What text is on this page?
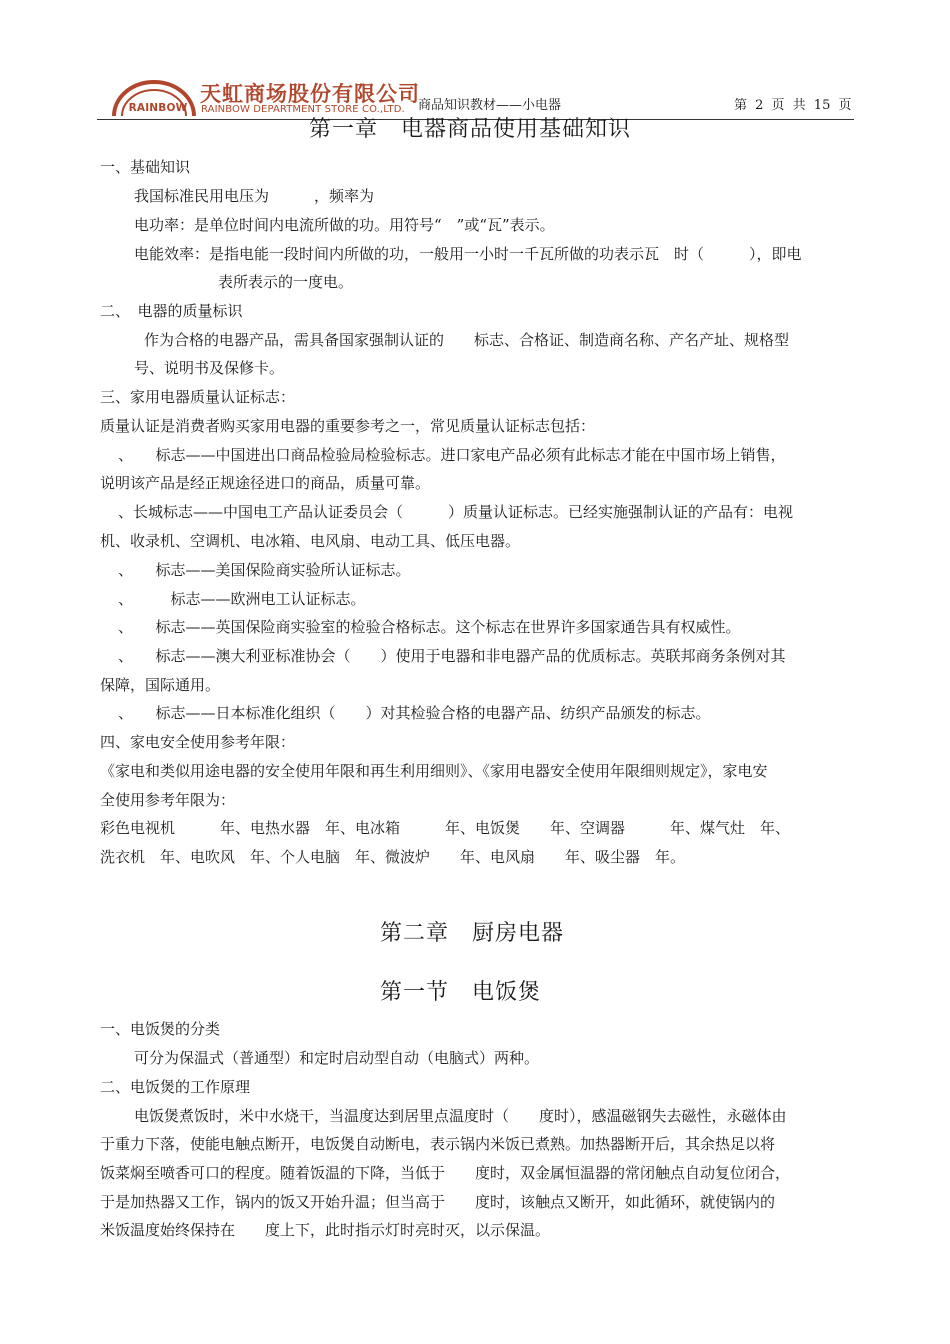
RAINBOW
天虹商场股份有限公司
RAINBOW DEPARTMENT STORE CO.,LTD. 商品知识教材——小电器	第 2 页 共 15 页
第一章　电器商品使用基础知识
一、基础知识
我国标准民用电压为　　　，频率为
电功率：是单位时间内电流所做的功。用符号“　”或“瓦”表示。
电能效率：是指电能一段时间内所做的功，一般用一小时一千瓦所做的功表示瓦　时（　　　），即电
表所表示的一度电。
二、　电器的质量标识
作为合格的电器产品，需具备国家强制认证的　　标志、合格证、制造商名称、产名产址、规格型
号、说明书及保修卡。
三、家用电器质量认证标志：
质量认证是消费者购买家用电器的重要参考之一，常见质量认证标志包括：
、　　标志——中国进出口商品检验局检验标志。进口家电产品必须有此标志才能在中国市场上销售，
说明该产品是经正规途径进口的商品，质量可靠。
、长城标志——中国电工产品认证委员会（　　　）质量认证标志。已经实施强制认证的产品有：电视
机、收录机、空调机、电冰箱、电风扇、电动工具、低压电器。
、　　标志——美国保险商实验所认证标志。
、　　　标志——欧洲电工认证标志。
、　　标志——英国保险商实验室的检验合格标志。这个标志在世界许多国家通告具有权威性。
、　　标志——澳大利亚标准协会（　　）使用于电器和非电器产品的优质标志。英联邦商务条例对其
保障，国际通用。
、　　标志——日本标准化组织（　　）对其检验合格的电器产品、纺织产品颁发的标志。
四、家电安全使用参考年限：
《家电和类似用途电器的安全使用年限和再生利用细则》、《家用电器安全使用年限细则规定》，家电安
全使用参考年限为：
彩色电视机　　　年、电热水器　年、电冰箱　　　年、电饭煲　　年、空调器　　　年、煤气灶　年、
洗衣机　年、电吹风　年、个人电脑　年、微波炉　　年、电风扇　　年、吸尘器　年。
第二章　厨房电器
第一节　电饭煲
一、电饭煲的分类
可分为保温式（普通型）和定时启动型自动（电脑式）两种。
二、电饭煲的工作原理
电饭煲煮饭时，米中水烧干，当温度达到居里点温度时（　　度时），感温磁钢失去磁性，永磁体由
于重力下落，使能电触点断开，电饭煲自动断电，表示锅内米饭已煮熟。加热器断开后，其余热足以将
饭菜焖至喷香可口的程度。随着饭温的下降，当低于　　度时，双金属恒温器的常闭触点自动复位闭合，
于是加热器又工作，锅内的饭又开始升温；但当高于　　度时，该触点又断开，如此循环，就使锅内的
米饭温度始终保持在　　度上下，此时指示灯时亮时灭，以示保温。
